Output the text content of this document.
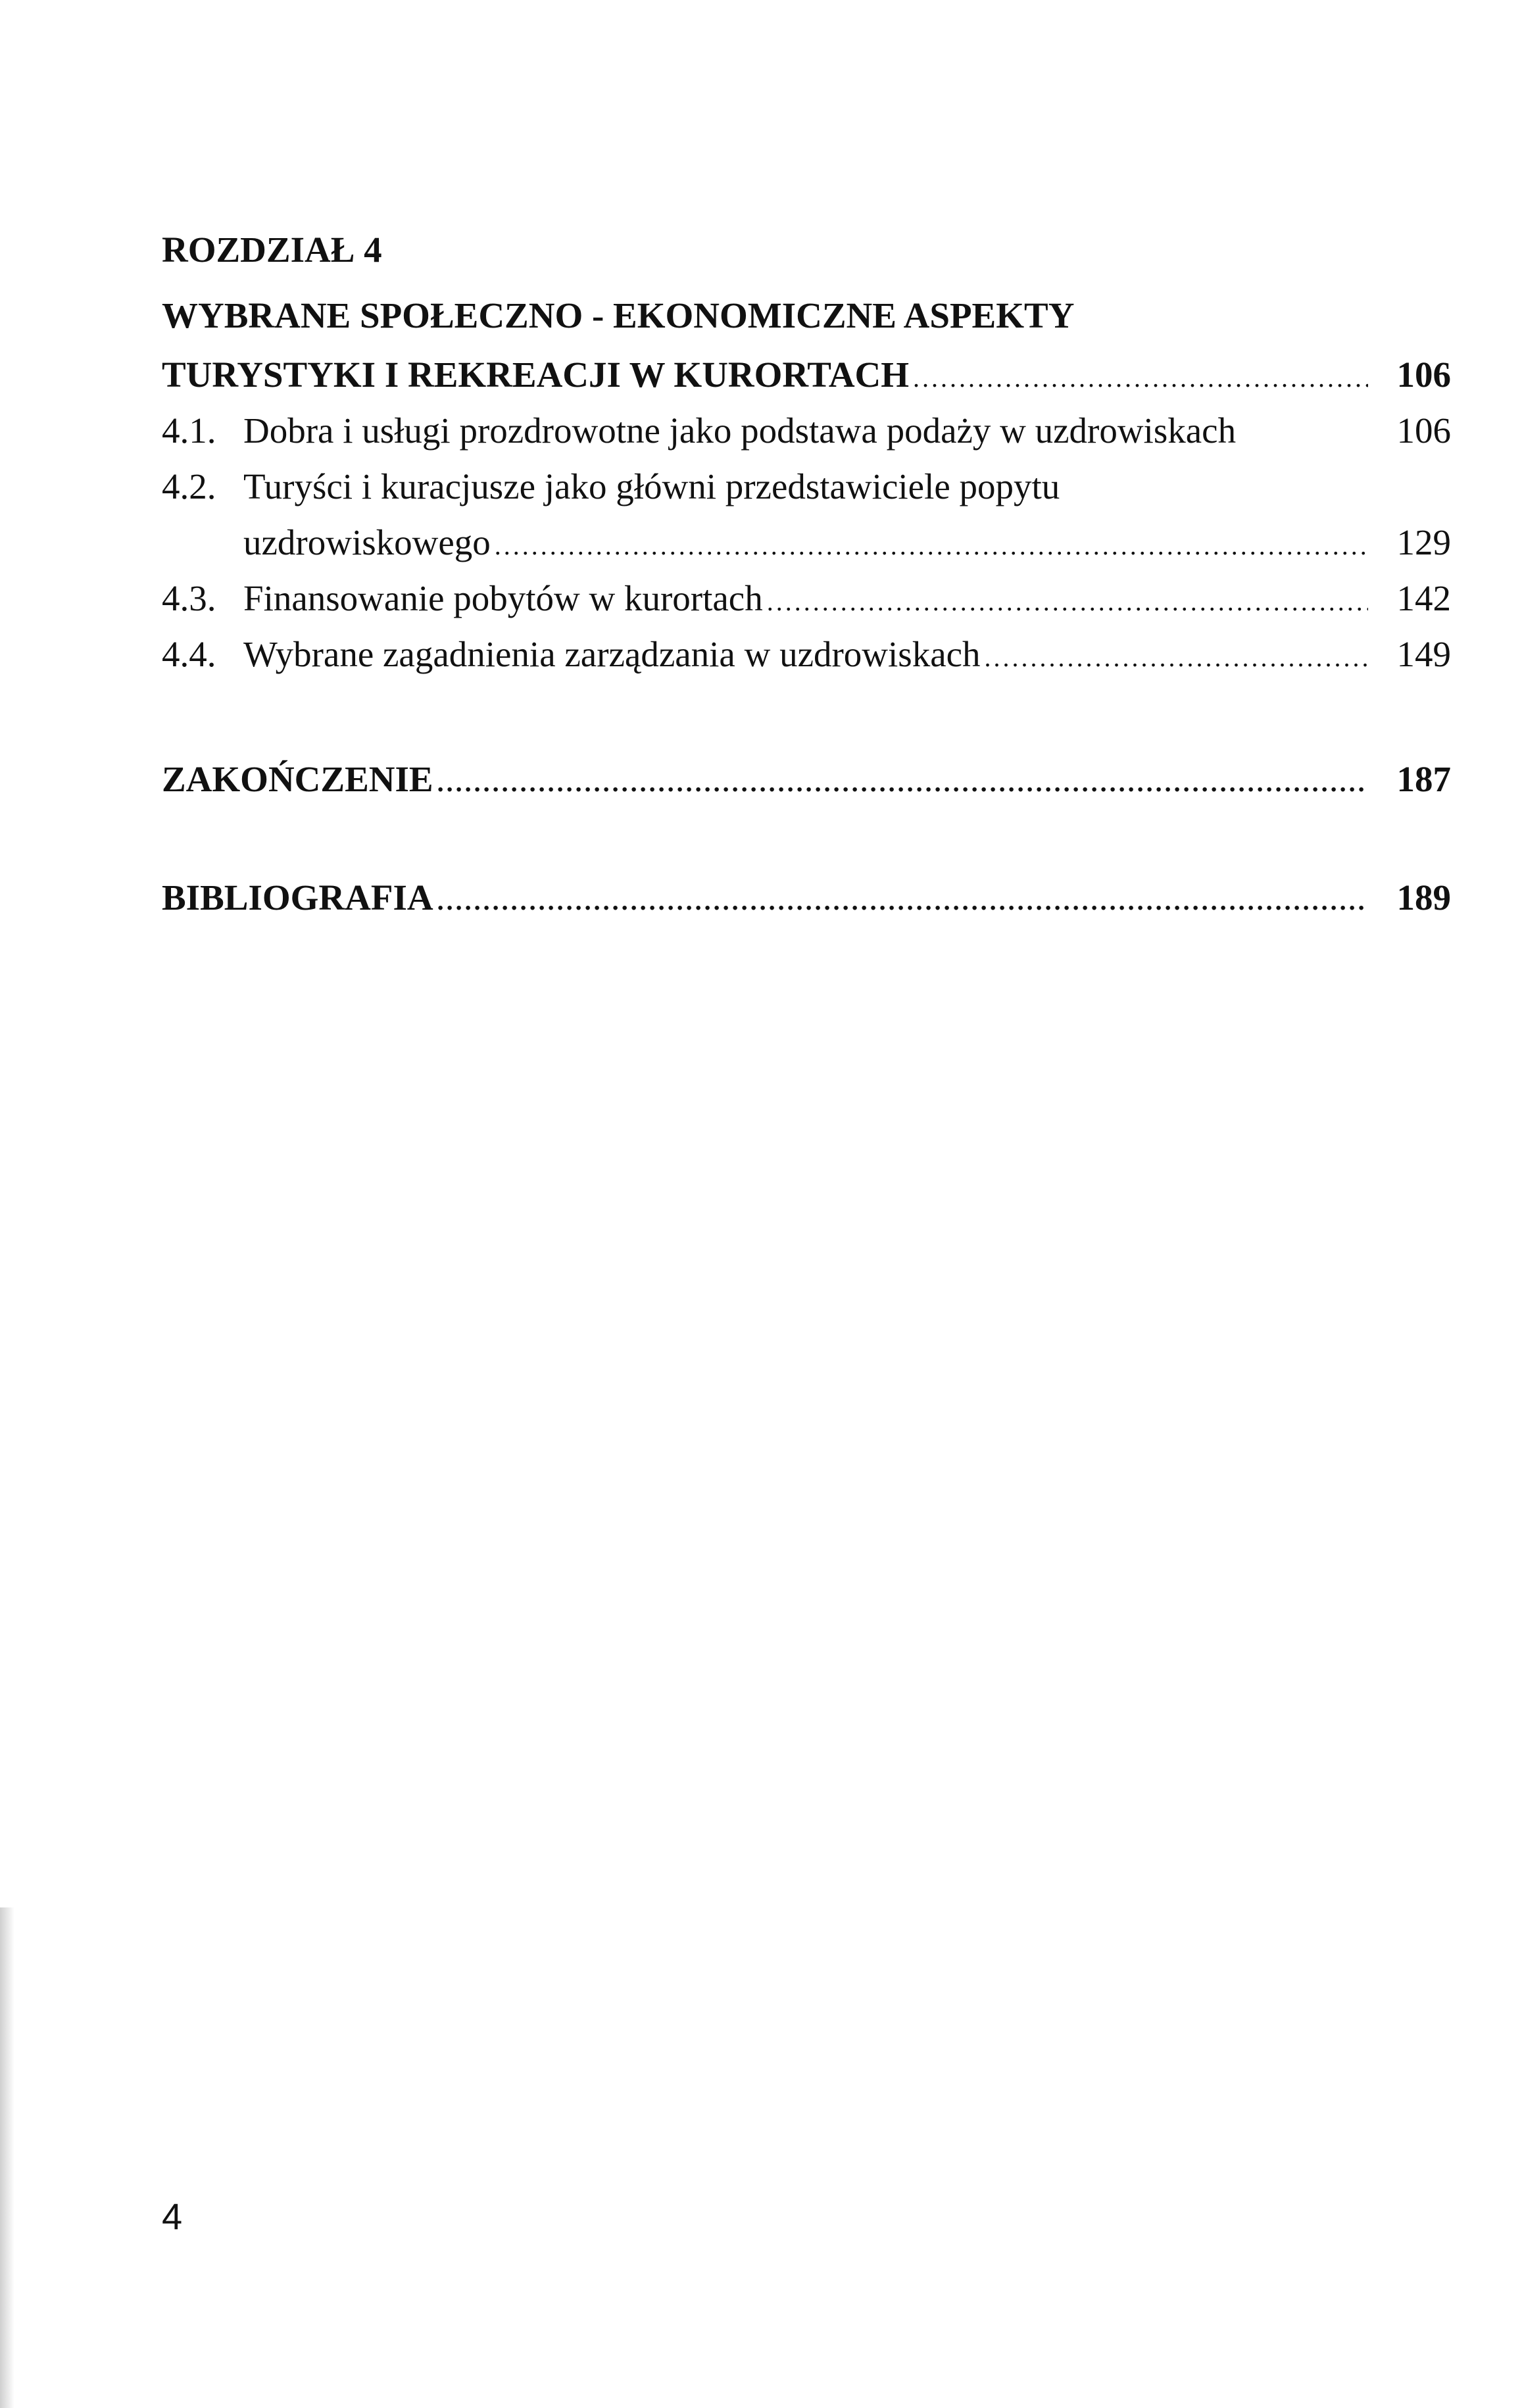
ROZDZIAŁ 4
WYBRANE SPOŁECZNO - EKONOMICZNE ASPEKTY
TURYSTYKI I REKREACJI W KURORTACH .....	106
4.1. Dobra i usługi prozdrowotne jako podstawa podaży w uzdrowiskach	106
4.2. Turyści i kuracjusze jako główni przedstawiciele popytu
uzdrowiskowego .....	129
4.3. Finansowanie pobytów w kurortach .....	142
4.4. Wybrane zagadnienia zarządzania w uzdrowiskach .....	149
ZAKOŃCZENIE .....	187
BIBLIOGRAFIA .....	189
4
